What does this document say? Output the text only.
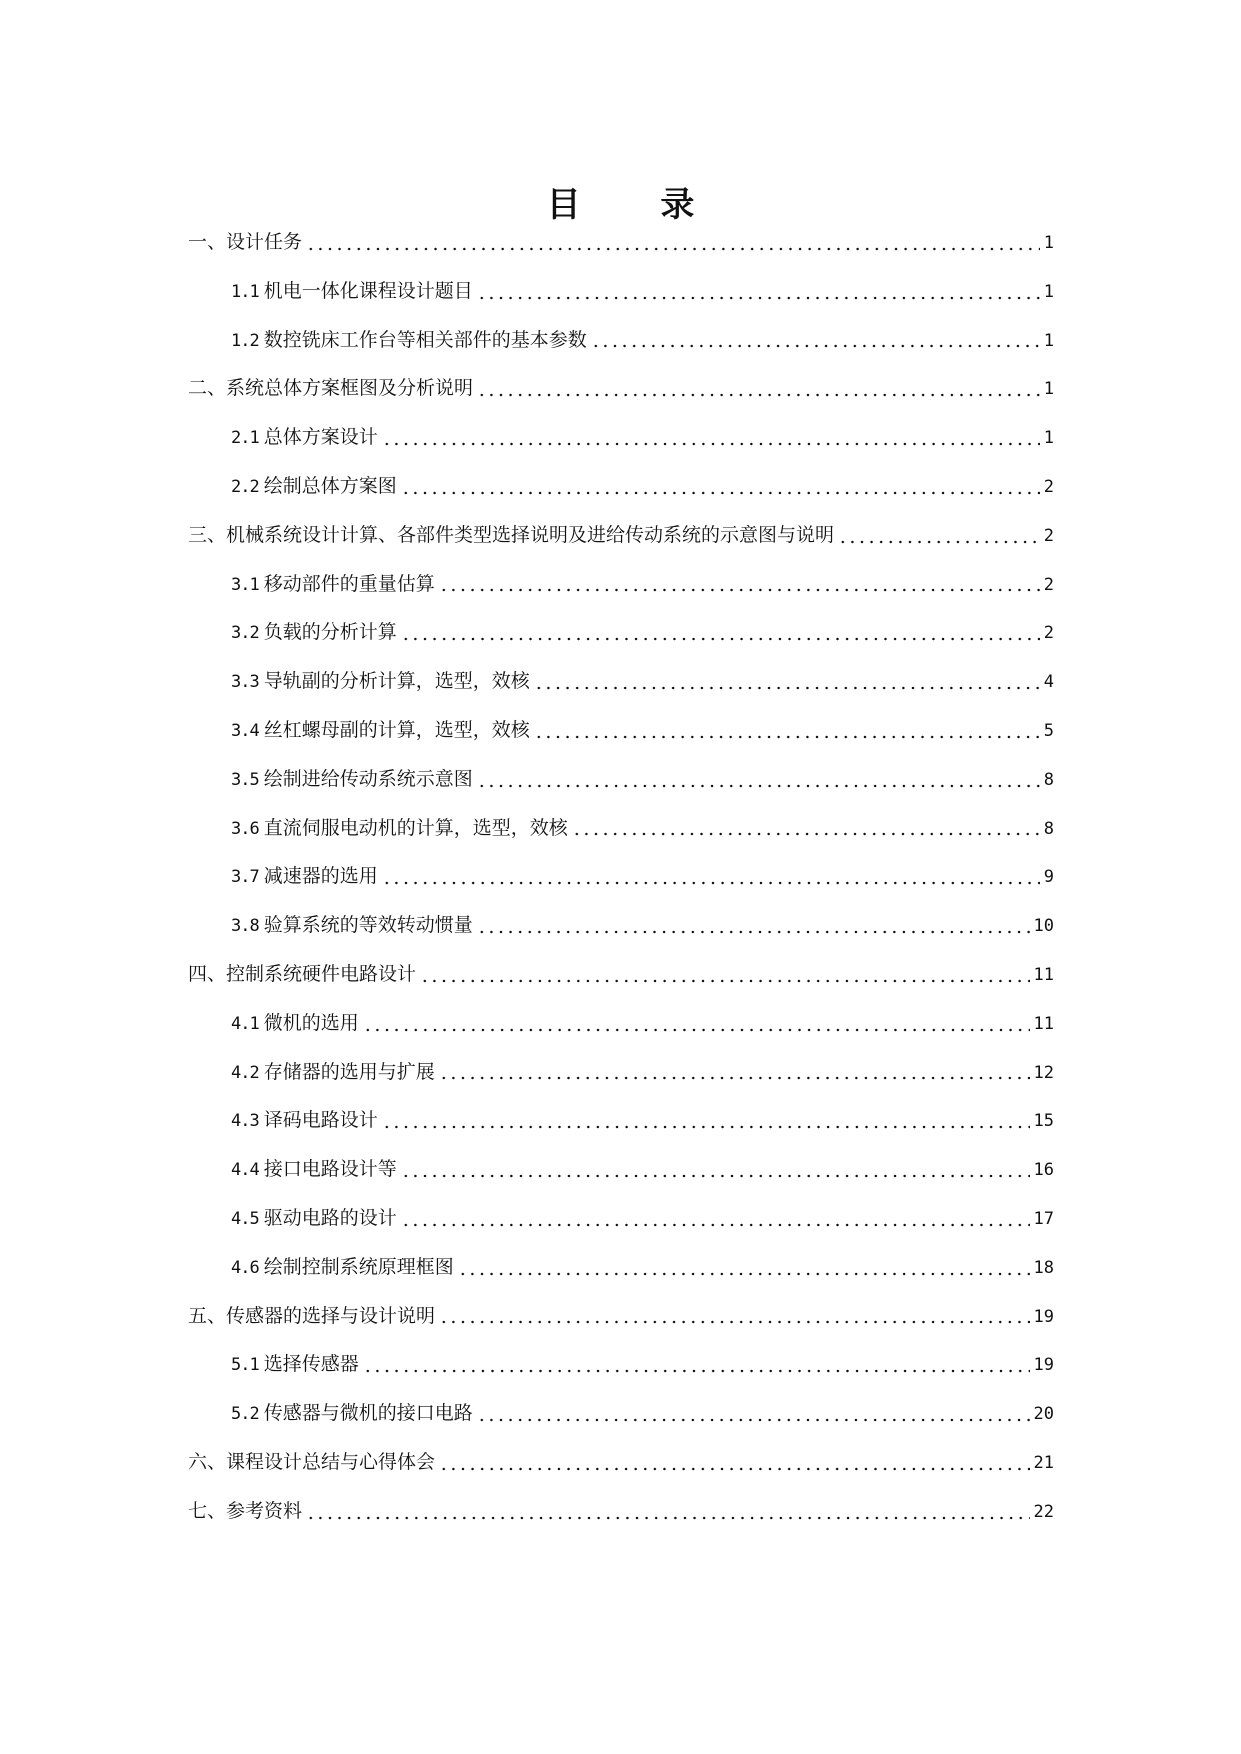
目 录
一、设计任务	1
1.1 机电一体化课程设计题目	1
1.2 数控铣床工作台等相关部件的基本参数	1
二、系统总体方案框图及分析说明	1
2.1 总体方案设计	1
2.2 绘制总体方案图	2
三、机械系统设计计算、各部件类型选择说明及进给传动系统的示意图与说明	2
3.1 移动部件的重量估算	2
3.2 负载的分析计算	2
3.3 导轨副的分析计算，选型，效核	4
3.4 丝杠螺母副的计算，选型，效核	5
3.5 绘制进给传动系统示意图	8
3.6 直流伺服电动机的计算，选型，效核	8
3.7 减速器的选用	9
3.8 验算系统的等效转动惯量	10
四、控制系统硬件电路设计	11
4.1 微机的选用	11
4.2 存储器的选用与扩展	12
4.3 译码电路设计	15
4.4 接口电路设计等	16
4.5 驱动电路的设计	17
4.6 绘制控制系统原理框图	18
五、传感器的选择与设计说明	19
5.1 选择传感器	19
5.2 传感器与微机的接口电路	20
六、课程设计总结与心得体会	21
七、参考资料	22
